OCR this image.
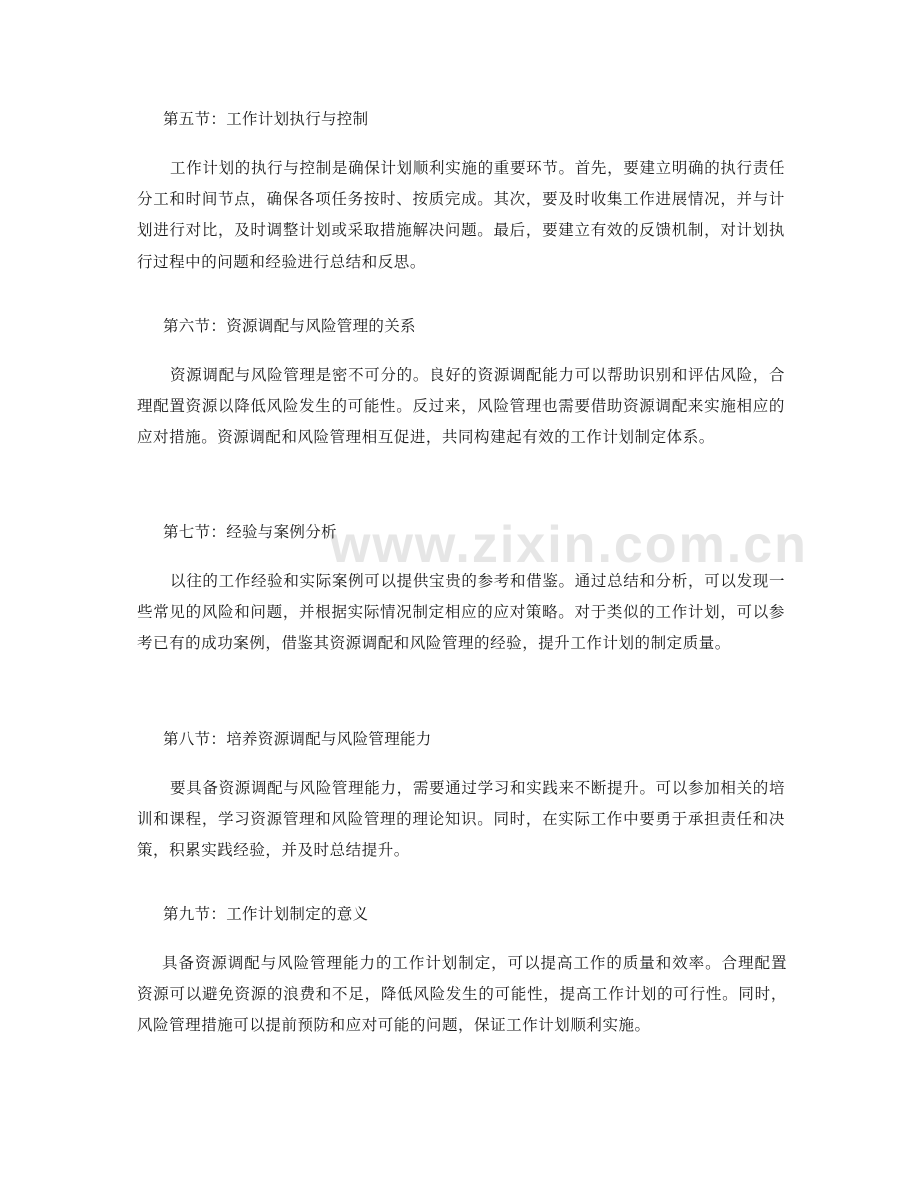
www.zixin.com.cn
第五节：工作计划执行与控制
工作计划的执行与控制是确保计划顺利实施的重要环节。首先，要建立明确的执行责任分工和时间节点，确保各项任务按时、按质完成。其次，要及时收集工作进展情况，并与计划进行对比，及时调整计划或采取措施解决问题。最后，要建立有效的反馈机制，对计划执行过程中的问题和经验进行总结和反思。
第六节：资源调配与风险管理的关系
资源调配与风险管理是密不可分的。良好的资源调配能力可以帮助识别和评估风险，合理配置资源以降低风险发生的可能性。反过来，风险管理也需要借助资源调配来实施相应的应对措施。资源调配和风险管理相互促进，共同构建起有效的工作计划制定体系。
第七节：经验与案例分析
以往的工作经验和实际案例可以提供宝贵的参考和借鉴。通过总结和分析，可以发现一些常见的风险和问题，并根据实际情况制定相应的应对策略。对于类似的工作计划，可以参考已有的成功案例，借鉴其资源调配和风险管理的经验，提升工作计划的制定质量。
第八节：培养资源调配与风险管理能力
要具备资源调配与风险管理能力，需要通过学习和实践来不断提升。可以参加相关的培训和课程，学习资源管理和风险管理的理论知识。同时，在实际工作中要勇于承担责任和决策，积累实践经验，并及时总结提升。
第九节：工作计划制定的意义
具备资源调配与风险管理能力的工作计划制定，可以提高工作的质量和效率。合理配置资源可以避免资源的浪费和不足，降低风险发生的可能性，提高工作计划的可行性。同时，风险管理措施可以提前预防和应对可能的问题，保证工作计划顺利实施。
